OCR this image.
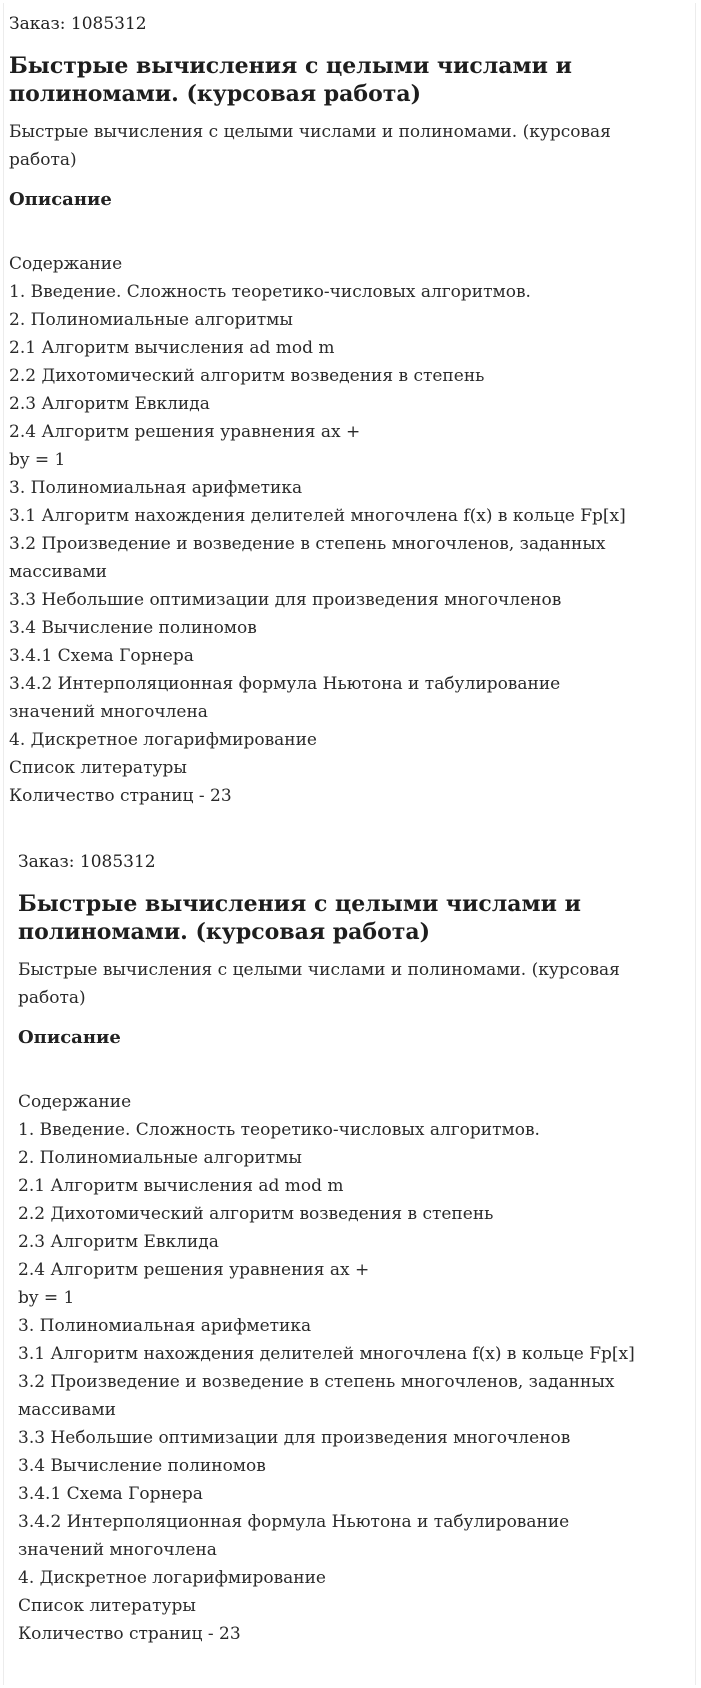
Заказ: 1085312
Быстрые вычисления с целыми числами и
полиномами. (курсовая работа)
Быстрые вычисления с целыми числами и полиномами. (курсовая
работа)
Описание
Содержание
1. Введение. Сложность теоретико-числовых алгоритмов.
2. Полиномиальные алгоритмы
2.1 Алгоритм вычисления ad mod m
2.2 Дихотомический алгоритм возведения в степень
2.3 Алгоритм Евклида
2.4 Алгоритм решения уравнения ax +
by = 1
3. Полиномиальная арифметика
3.1 Алгоритм нахождения делителей многочлена f(x) в кольце Fp[x]
3.2 Произведение и возведение в степень многочленов, заданных
массивами
3.3 Небольшие оптимизации для произведения многочленов
3.4 Вычисление полиномов
3.4.1 Схема Горнера
3.4.2 Интерполяционная формула Ньютона и табулирование
значений многочлена
4. Дискретное логарифмирование
Список литературы
Количество страниц - 23
Заказ: 1085312
Быстрые вычисления с целыми числами и
полиномами. (курсовая работа)
Быстрые вычисления с целыми числами и полиномами. (курсовая
работа)
Описание
Содержание
1. Введение. Сложность теоретико-числовых алгоритмов.
2. Полиномиальные алгоритмы
2.1 Алгоритм вычисления ad mod m
2.2 Дихотомический алгоритм возведения в степень
2.3 Алгоритм Евклида
2.4 Алгоритм решения уравнения ax +
by = 1
3. Полиномиальная арифметика
3.1 Алгоритм нахождения делителей многочлена f(x) в кольце Fp[x]
3.2 Произведение и возведение в степень многочленов, заданных
массивами
3.3 Небольшие оптимизации для произведения многочленов
3.4 Вычисление полиномов
3.4.1 Схема Горнера
3.4.2 Интерполяционная формула Ньютона и табулирование
значений многочлена
4. Дискретное логарифмирование
Список литературы
Количество страниц - 23
